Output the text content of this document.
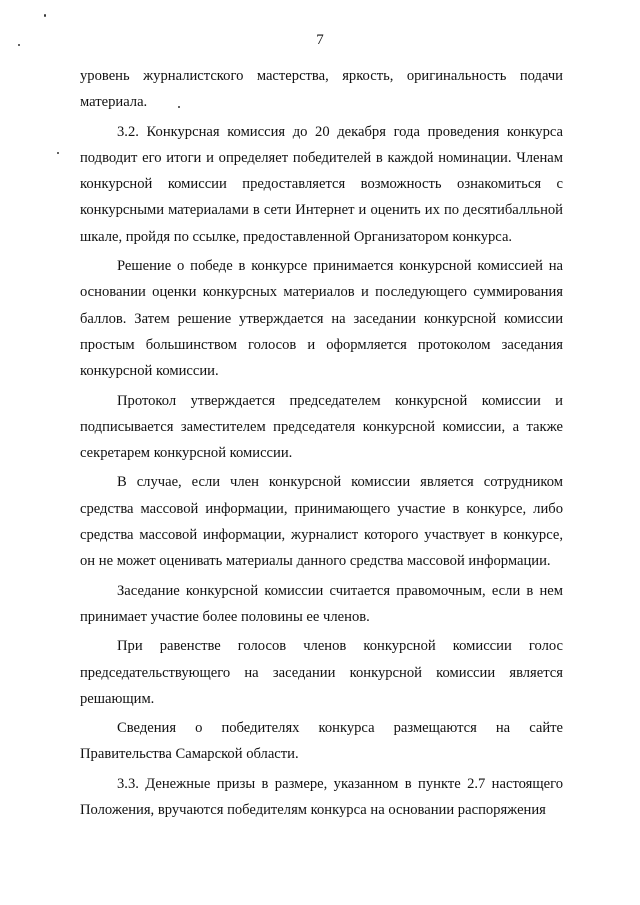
7

уровень журналистского мастерства, яркость, оригинальность подачи материала.

3.2. Конкурсная комиссия до 20 декабря года проведения конкурса подводит его итоги и определяет победителей в каждой номинации. Членам конкурсной комиссии предоставляется возможность ознакомиться с конкурсными материалами в сети Интернет и оценить их по десятибалльной шкале, пройдя по ссылке, предоставленной Организатором конкурса.

Решение о победе в конкурсе принимается конкурсной комиссией на основании оценки конкурсных материалов и последующего суммирования баллов. Затем решение утверждается на заседании конкурсной комиссии простым большинством голосов и оформляется протоколом заседания конкурсной комиссии.

Протокол утверждается председателем конкурсной комиссии и подписывается заместителем председателя конкурсной комиссии, а также секретарем конкурсной комиссии.

В случае, если член конкурсной комиссии является сотрудником средства массовой информации, принимающего участие в конкурсе, либо средства массовой информации, журналист которого участвует в конкурсе, он не может оценивать материалы данного средства массовой информации.

Заседание конкурсной комиссии считается правомочным, если в нем принимает участие более половины ее членов.

При равенстве голосов членов конкурсной комиссии голос председательствующего на заседании конкурсной комиссии является решающим.

Сведения о победителях конкурса размещаются на сайте Правительства Самарской области.

3.3. Денежные призы в размере, указанном в пункте 2.7 настоящего Положения, вручаются победителям конкурса на основании распоряжения
